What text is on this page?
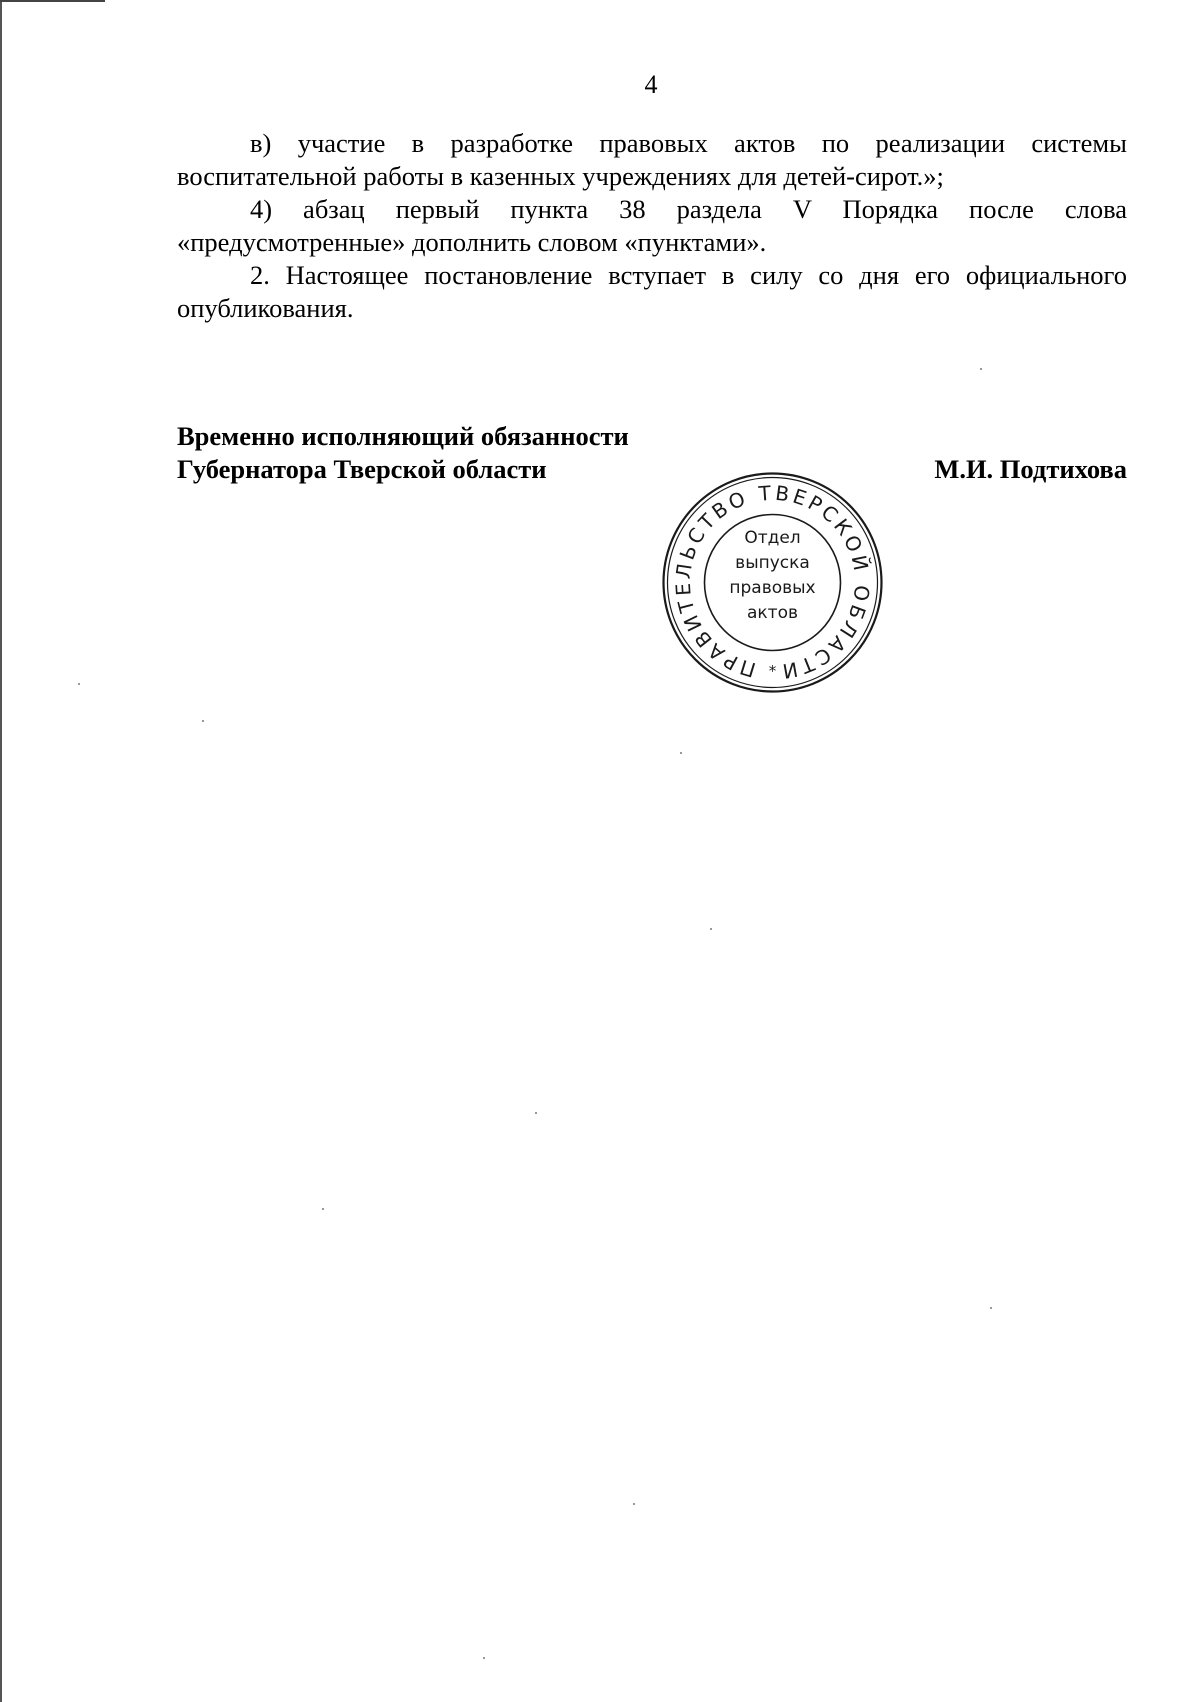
4

в) участие в разработке правовых актов по реализации системы воспитательной работы в казенных учреждениях для детей-сирот.»;

4) абзац первый пункта 38 раздела V Порядка после слова «предусмотренные» дополнить словом «пунктами».

2. Настоящее постановление вступает в силу со дня его официального опубликования.

Временно исполняющий обязанности
Губернатора Тверской области	М.И. Подтихова
ПРАВИТЕЛЬСТВО ТВЕРСКОЙ ОБЛАСТИ
Отдел
выпуска
правовых
актов
*
